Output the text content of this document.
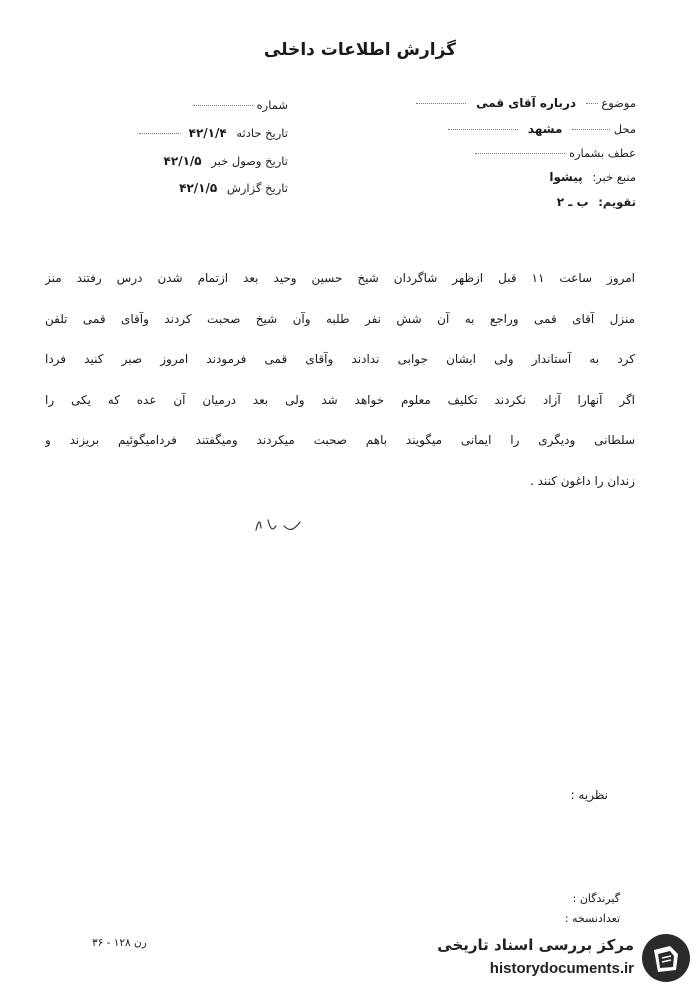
گزارش اطلاعات داخلی
موضوع  درباره آقای قمی
محل  مشهد
عطف بشماره
منبع خبر: پیشوا
تقویم: ب ـ ۲
شماره
تاریخ حادثه ۴۲/۱/۴
تاریخ وصول خبر ۴۲/۱/۵
تاریخ گزارش ۴۲/۱/۵
امروز ساعت ۱۱ قبل ازظهر شاگردان شیخ حسین وحید بعد ازتمام شدن درس رفتند منز
منزل آقای قمی وراجع به آن شش نفر طلبه وآن شیخ صحبت کردند وآقای قمی تلفن
کرد به آستاندار ولی ایشان جوابی ندادند وآقای قمی فرمودند امروز صبر کنید فردا
اگر آنهارا آزاد نکردند تکلیف معلوم خواهد شد ولی بعد درمیان آن عده که یکی را
سلطانی ودیگری را ایمانی میگویند باهم صحبت میکردند ومیگفتند فردامیگوئیم بریزند و
زندان را داغون کنند .
نظریه :
گیرندگان :
تعدادنسخه :
۳۶ - ۱۲۸ رن	مرکز بررسی اسناد تاریخی
historydocuments.ir
